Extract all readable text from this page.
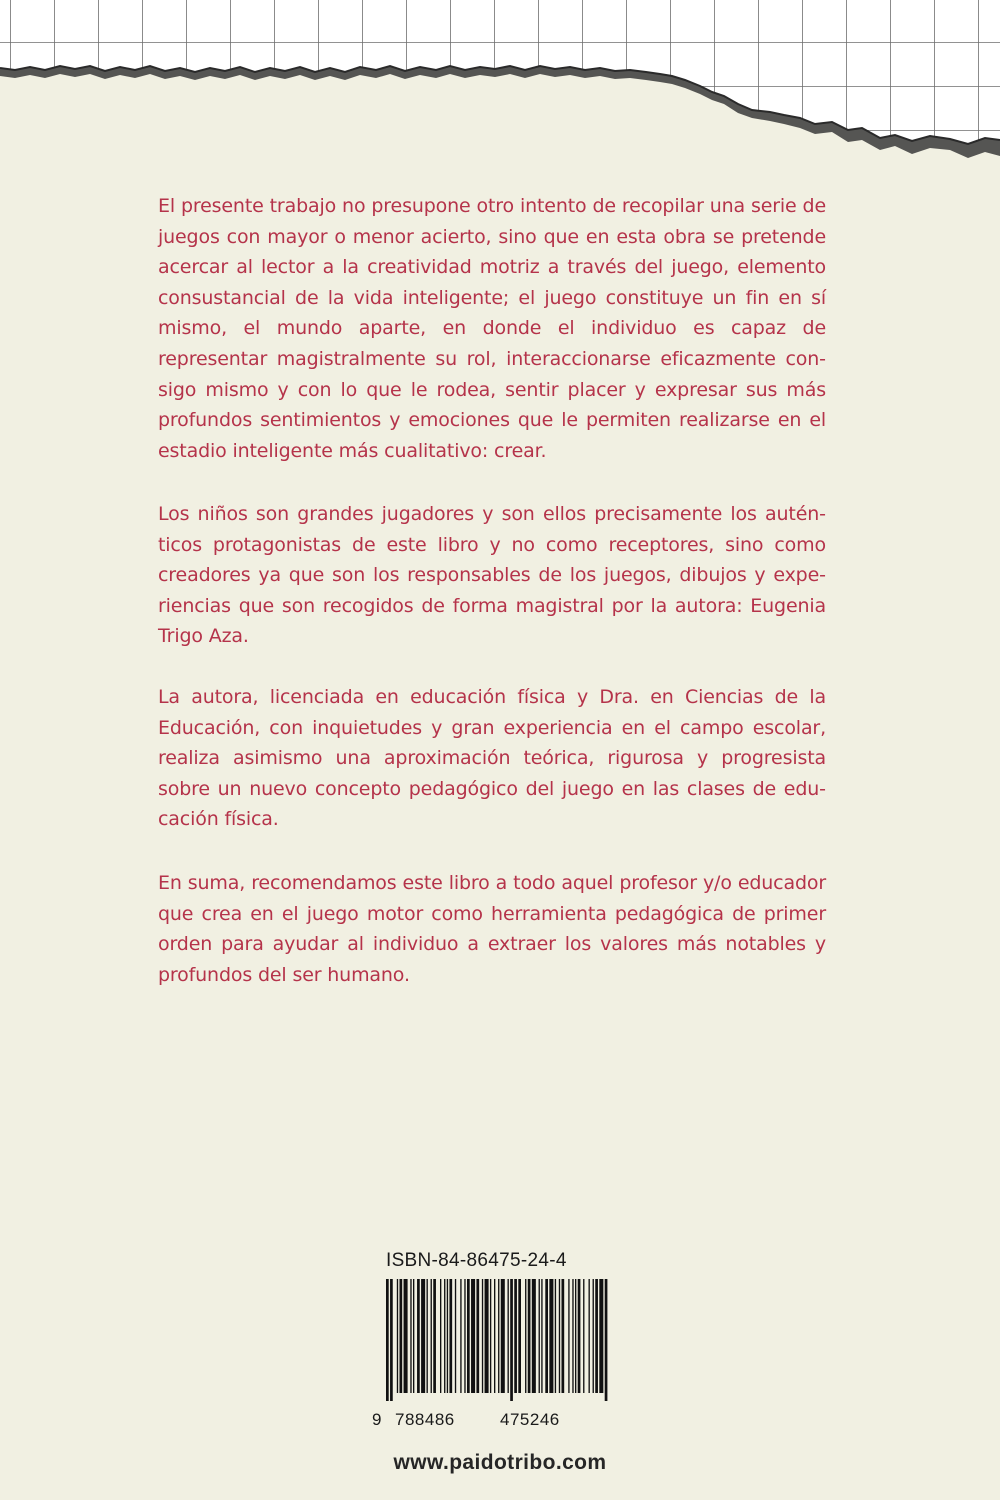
El presente trabajo no presupone otro intento de recopilar una serie de juegos con mayor o menor acierto, sino que en esta obra se pretende acercar al lector a la creatividad motriz a través del juego, elemento consustancial de la vida inteligente; el juego constituye un fin en sí mismo, el mundo aparte, en donde el individuo es capaz de representar magistralmente su rol, interaccionarse eficazmente consigo mismo y con lo que le rodea, sentir placer y expresar sus más profundos sentimientos y emociones que le permiten realizarse en el estadio inteligente más cualitativo: crear.

Los niños son grandes jugadores y son ellos precisamente los auténticos protagonistas de este libro y no como receptores, sino como creadores ya que son los responsables de los juegos, dibujos y experiencias que son recogidos de forma magistral por la autora: Eugenia Trigo Aza.

La autora, licenciada en educación física y Dra. en Ciencias de la Educación, con inquietudes y gran experiencia en el campo escolar, realiza asimismo una aproximación teórica, rigurosa y progresista sobre un nuevo concepto pedagógico del juego en las clases de educación física.

En suma, recomendamos este libro a todo aquel profesor y/o educador que crea en el juego motor como herramienta pedagógica de primer orden para ayudar al individuo a extraer los valores más notables y profundos del ser humano.

ISBN-84-86475-24-4
9 788486	475246
www.paidotribo.com
